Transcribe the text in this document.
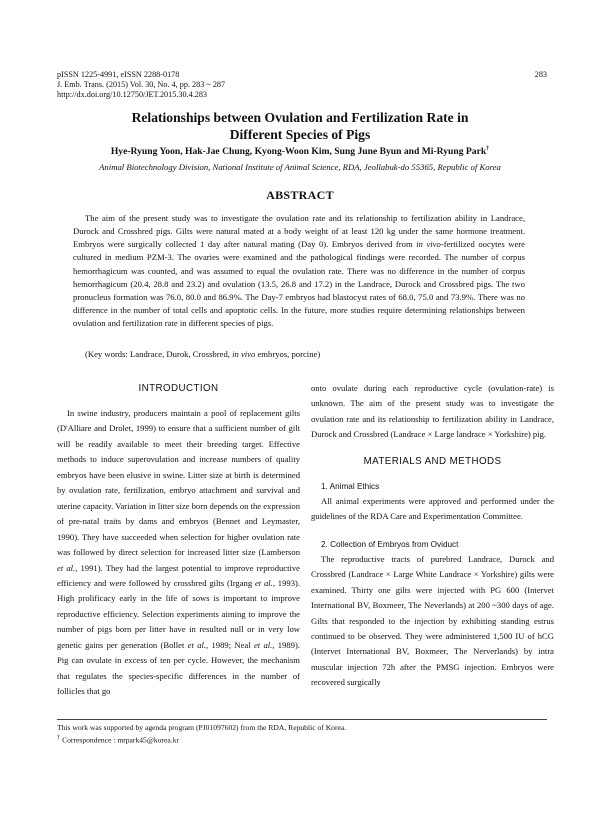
pISSN 1225-4991, eISSN 2288-0178
J. Emb. Trans. (2015) Vol. 30, No. 4, pp. 283 ~ 287
http://dx.doi.org/10.12750/JET.2015.30.4.283
283
Relationships between Ovulation and Fertilization Rate in
Different Species of Pigs
Hye-Ryung Yoon, Hak-Jae Chung, Kyong-Woon Kim, Sung June Byun and Mi-Ryung Park†
Animal Biotechnology Division, National Institute of Animal Science, RDA, Jeollabuk-do 55365, Republic of Korea
ABSTRACT
The aim of the present study was to investigate the ovulation rate and its relationship to fertilization ability in Landrace, Durock and Crossbred pigs. Gilts were natural mated at a body weight of at least 120 kg under the same hormone treatment. Embryos were surgically collected 1 day after natural mating (Day 0). Embryos derived from in vivo-fertilized oocytes were cultured in medium PZM-3. The ovaries were examined and the pathological findings were recorded. The number of corpus hemorrhagicum was counted, and was assumed to equal the ovulation rate. There was no difference in the number of corpus hemorrhagicum (20.4, 28.8 and 23.2) and ovulation (13.5, 26.8 and 17.2) in the Landrace, Durock and Crossbred pigs. The two pronucleus formation was 76.0, 80.0 and 86.9%. The Day-7 embryos had blastocyst rates of 68.0, 75.0 and 73.9%. There was no difference in the number of total cells and apoptotic cells. In the future, more studies require determining relationships between ovulation and fertilization rate in different species of pigs.
(Key words: Landrace, Durok, Crossbred, in vivo embryos, porcine)
INTRODUCTION

In swine industry, producers maintain a pool of replacement gilts (D'Alliare and Drolet, 1999) to ensure that a sufficient number of gilt will be readily available to meet their breeding target. Effective methods to induce superovulation and increase numbers of quality embryos have been elusive in swine. Litter size at birth is determined by ovulation rate, fertilization, embryo attachment and survival and uterine capacity. Variation in litter size born depends on the expression of pre-natal traits by dams and embryos (Bennet and Leymaster, 1990). They have succeeded when selection for higher ovulation rate was followed by direct selection for increased litter size (Lamberson et al., 1991). They had the largest potential to improve reproductive efficiency and were followed by crossbred gilts (Irgang et al., 1993). High prolificacy early in the life of sows is important to improve reproductive efficiency. Selection experiments aiming to improve the number of pigs born per litter have in resulted null or in very low genetic gains per generation (Bollet et al., 1989; Neal et al., 1989). Pig can ovulate in excess of ten per cycle. However, the mechanism that regulates the species-specific differences in the number of follicles that go

onto ovulate during each reproductive cycle (ovulation-rate) is unknown. The aim of the present study was to investigate the ovulation rate and its relationship to fertilization ability in Landrace, Durock and Crossbred (Landrace × Large landrace × Yorkshire) pig.

MATERIALS AND METHODS
1. Animal Ethics

All animal experiments were approved and performed under the guidelines of the RDA Care and Experimentation Committee.

2. Collection of Embryos from Oviduct

The reproductive tracts of purebred Landrace, Durock and Crossbred (Landrace × Large White Landrace × Yorkshire) gilts were examined. Thirty one gilts were injected with PG 600 (Intervet International BV, Boxmeer, The Neverlands) at 200 ~300 days of age. Gilts that responded to the injection by exhibiting standing estrus continued to be observed. They were administered 1,500 IU of hCG (Intervet International BV, Boxmeer, The Nerverlands) by intra muscular injection 72h after the PMSG injection. Embryos were recovered surgically

This work was supported by agenda program (PJ01097602) from the RDA, Republic of Korea.
† Correspondence : mrpark45@korea.kr
